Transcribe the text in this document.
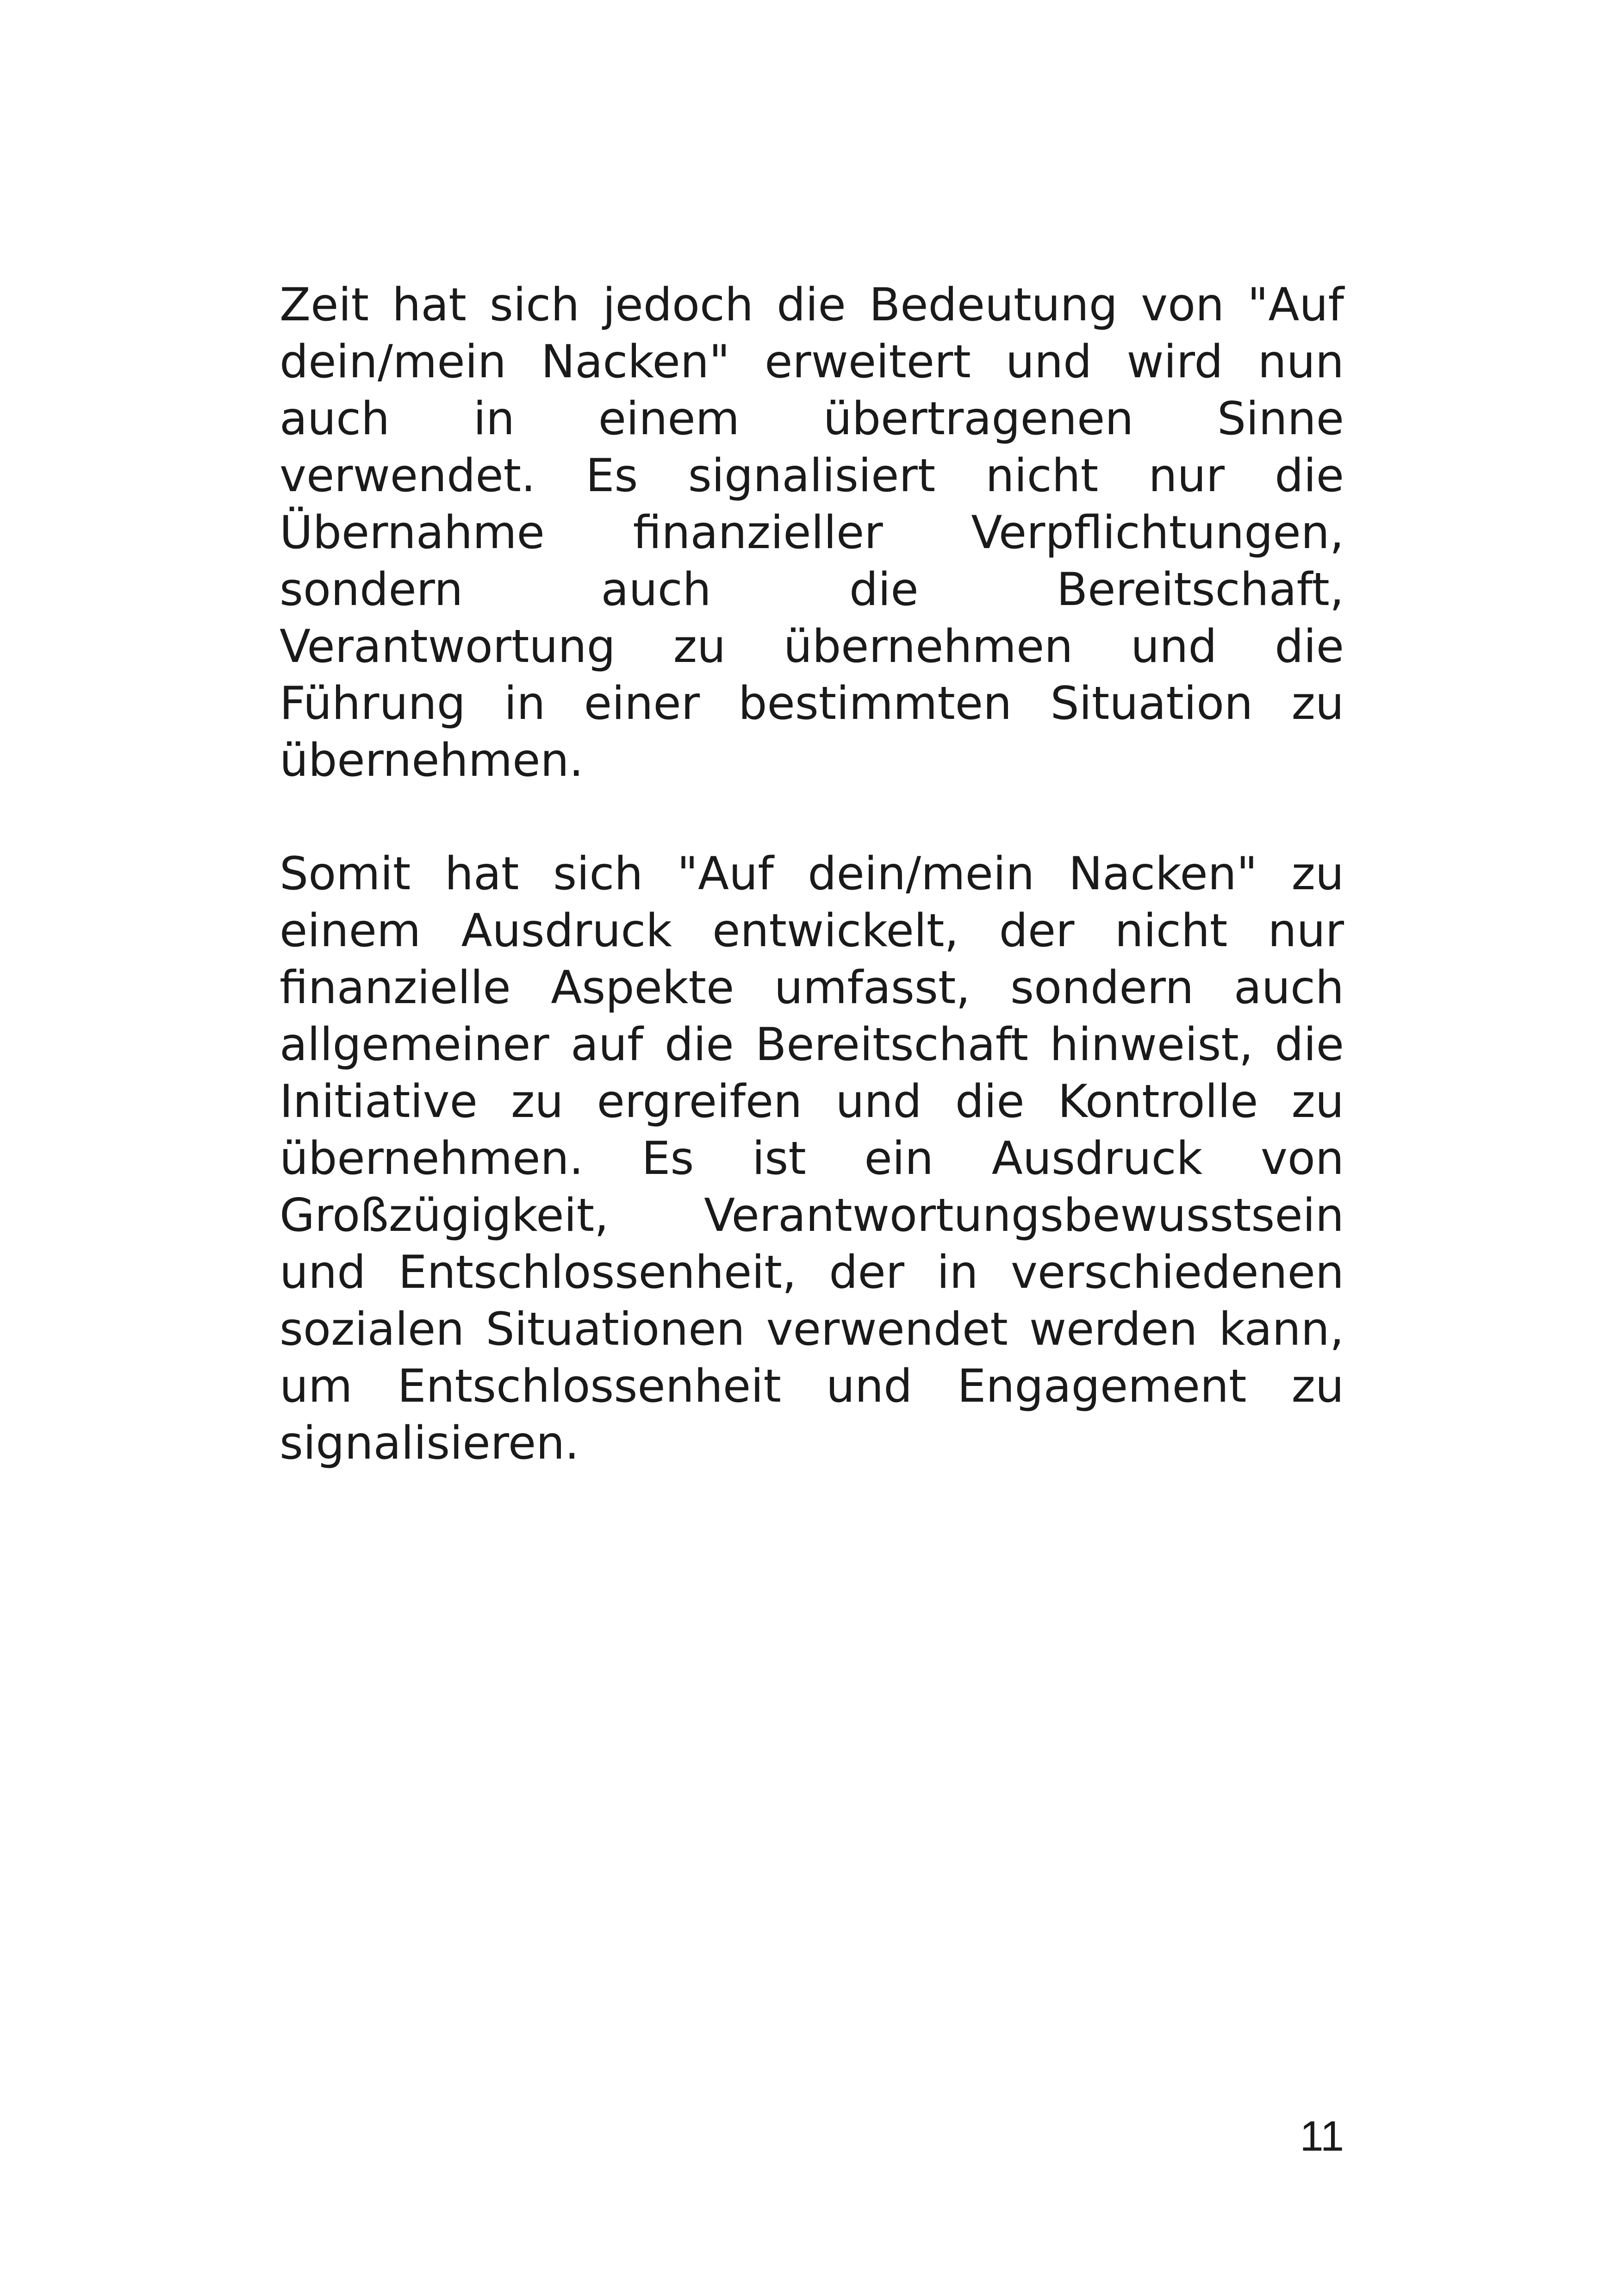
Zeit hat sich jedoch die Bedeutung von "Auf
dein/mein Nacken" erweitert und wird nun
auch in einem übertragenen Sinne
verwendet. Es signalisiert nicht nur die
Übernahme finanzieller Verpflichtungen,
sondern auch die Bereitschaft,
Verantwortung zu übernehmen und die
Führung in einer bestimmten Situation zu
übernehmen.
Somit hat sich "Auf dein/mein Nacken" zu
einem Ausdruck entwickelt, der nicht nur
finanzielle Aspekte umfasst, sondern auch
allgemeiner auf die Bereitschaft hinweist, die
Initiative zu ergreifen und die Kontrolle zu
übernehmen. Es ist ein Ausdruck von
Großzügigkeit, Verantwortungsbewusstsein
und Entschlossenheit, der in verschiedenen
sozialen Situationen verwendet werden kann,
um Entschlossenheit und Engagement zu
signalisieren.
11
